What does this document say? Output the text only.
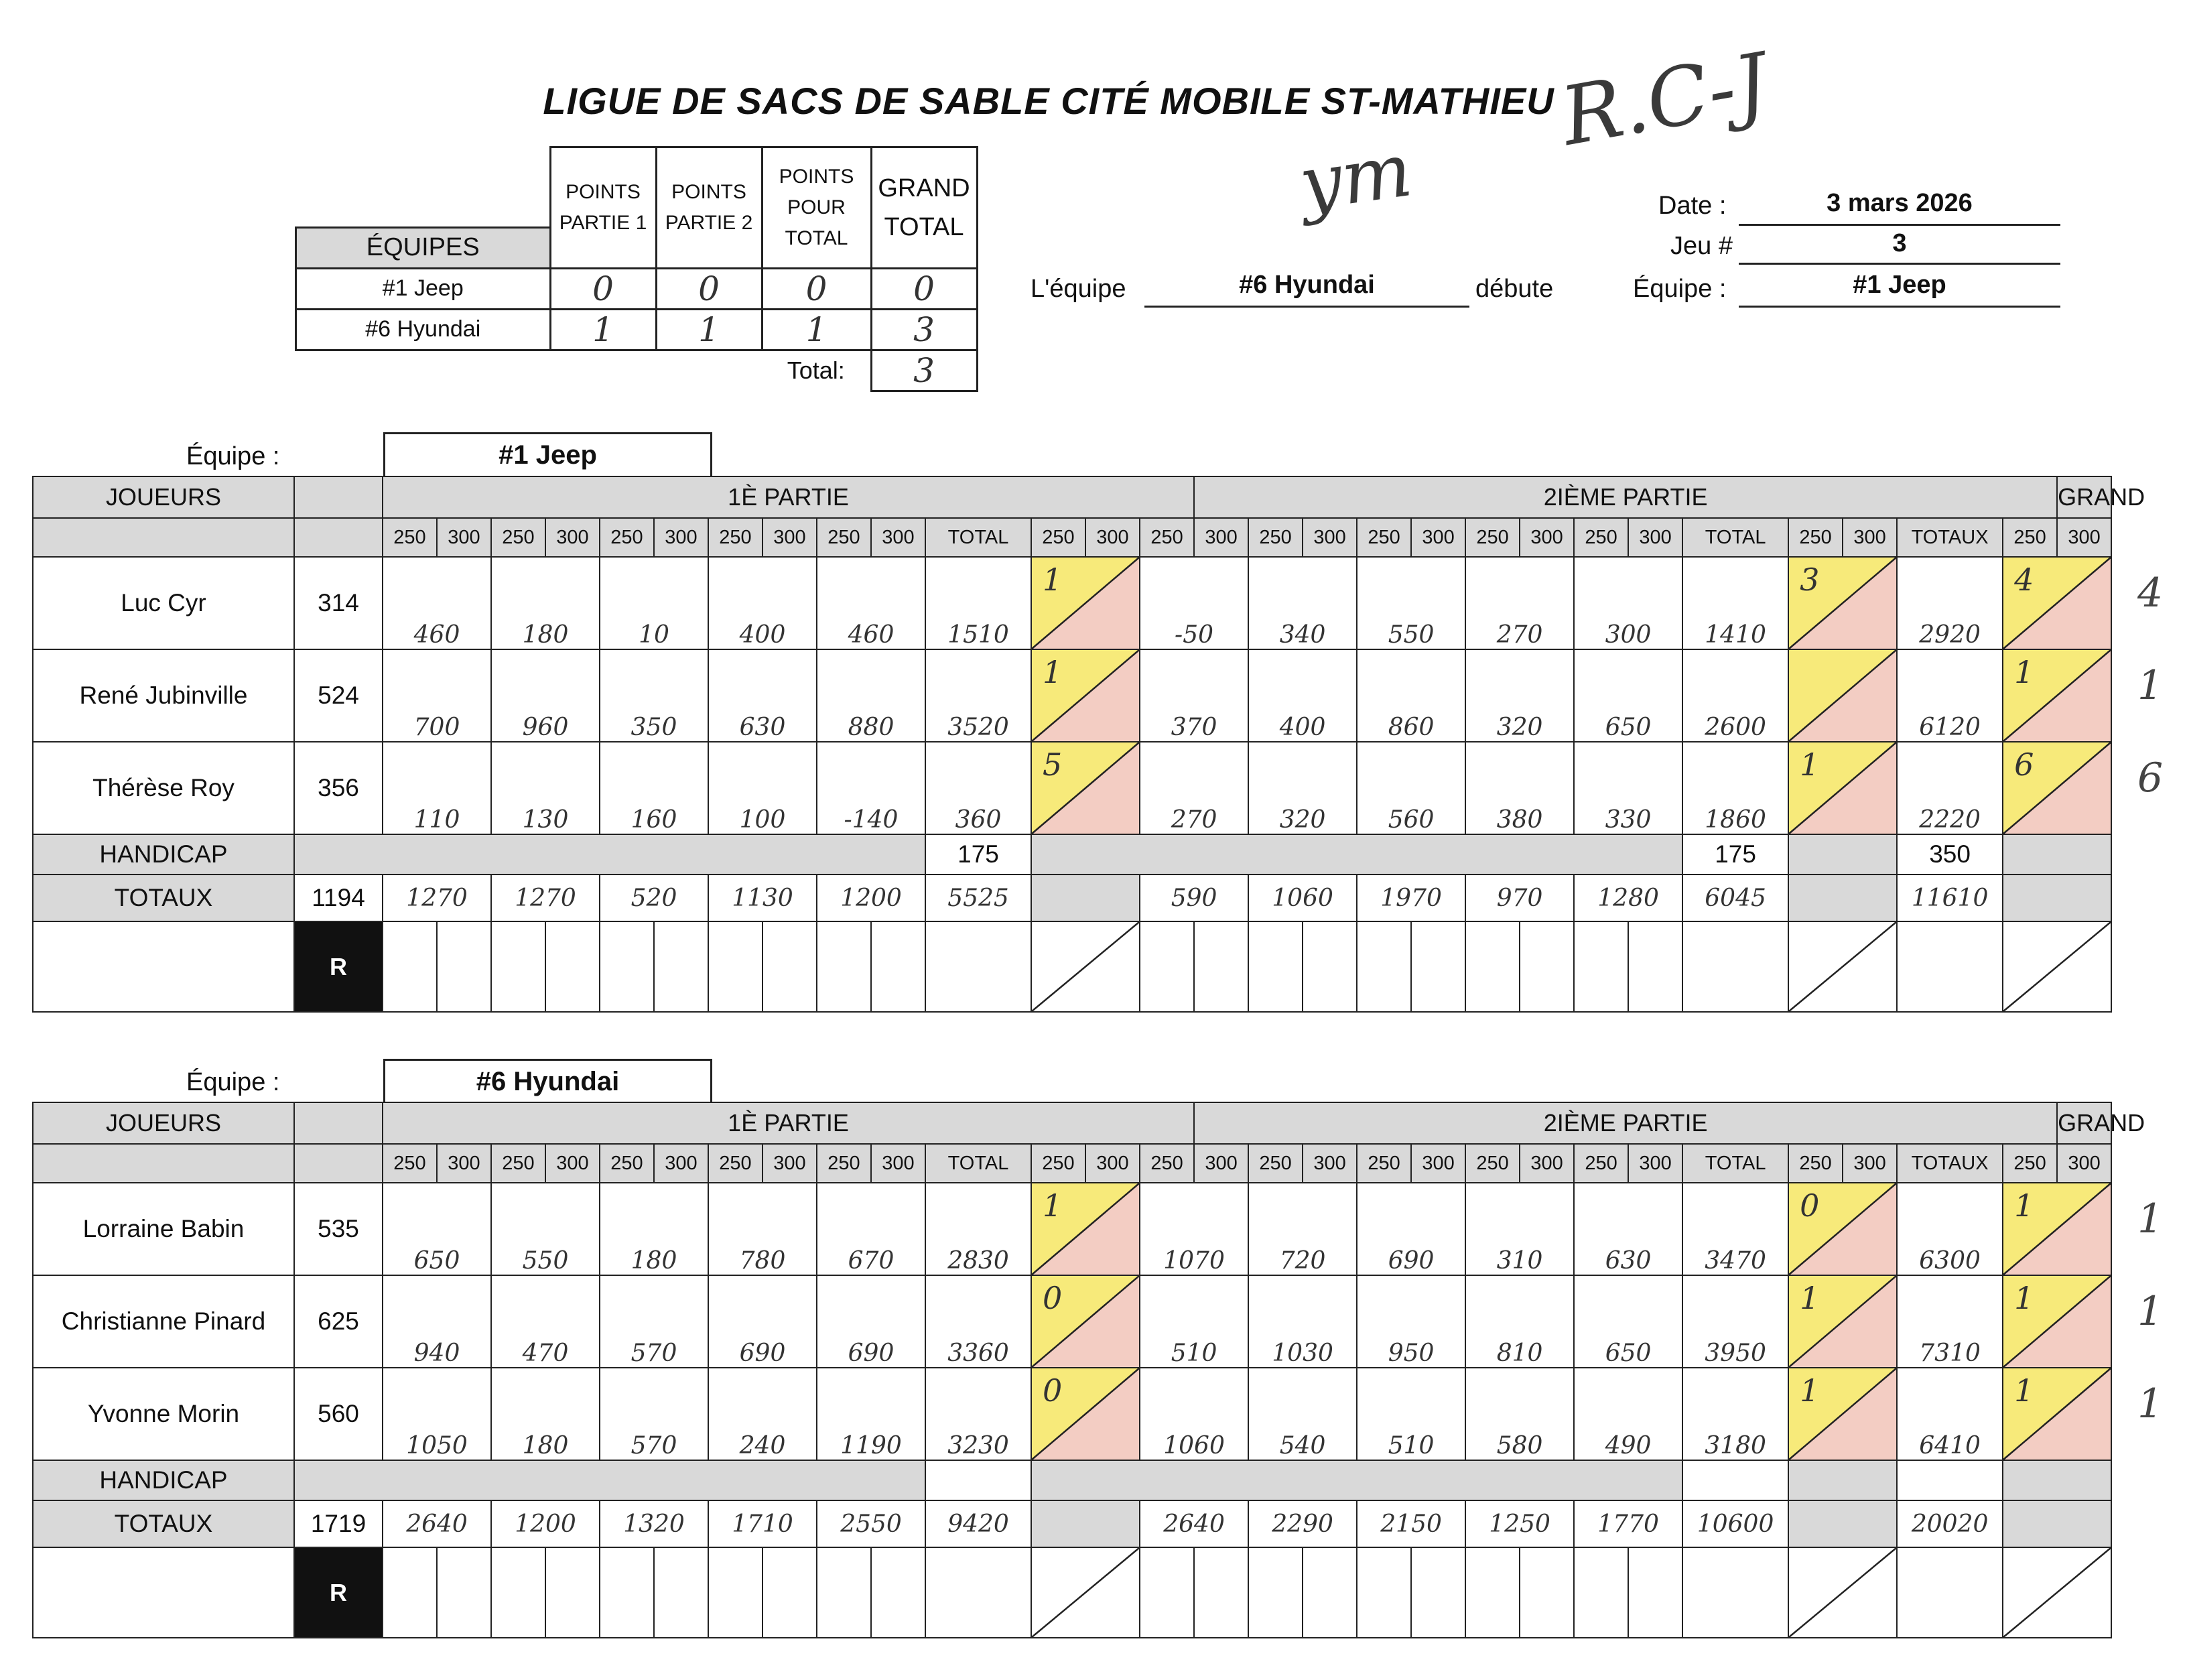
LIGUE DE SACS DE SABLE CITÉ MOBILE ST-MATHIEU
ym
R.C-J
	POINTS PARTIE 1	POINTS PARTIE 2	POINTS POUR TOTAL	GRAND TOTAL
ÉQUIPES				
#1 Jeep	0	0	0	0
#6 Hyundai	1	1	1	3
			Total:	3
L'équipe	#6 Hyundai	débute
Date :	3 mars 2026
Jeu #	3
Équipe :	#1 Jeep
Équipe :	#1 Jeep
JOUEURS		1È PARTIE														2IÈME PARTIE														GRAND	
		250	300	250	300	250	300	250	300	250	300	TOTAL	250	300	250	300	250	300	250	300	250	300	250	300	TOTAL	250	300	TOTAUX	250	300	
Luc Cyr	314	460		180		10		400		460		1510	1		-50		340		550		270		300		1410	3		2920	4		

René Jubinville	524	700		960		350		630		880		3520	1		370		400		860		320		650		2600			6120	1		

Thérèse Roy	356	110		130		160		100		-140		360	5		270		320		560		380		330		1860	1		2220	6		

HANDICAP												175													175			350			
TOTAUX	1194	1270		1270		520		1130		1200		5525			590		1060		1970		970		1280		6045			11610			
	R												

Équipe :	#6 Hyundai
JOUEURS		1È PARTIE														2IÈME PARTIE														GRAND	
		250	300	250	300	250	300	250	300	250	300	TOTAL	250	300	250	300	250	300	250	300	250	300	250	300	TOTAL	250	300	TOTAUX	250	300	
Lorraine Babin	535	650		550		180		780		670		2830	1		1070		720		690		310		630		3470	0		6300	1		

Christianne Pinard	625	940		470		570		690		690		3360	0		510		1030		950		810		650		3950	1		7310	1		

Yvonne Morin	560	1050		180		570		240		1190		3230	0		1060		540		510		580		490		3180	1		6410	1		

HANDICAP																															
TOTAUX	1719	2640		1200		1320		1710		2550		9420			2640		2290		2150		1250		1770		10600			20020			
	R												

4
1
6
1
1
1
